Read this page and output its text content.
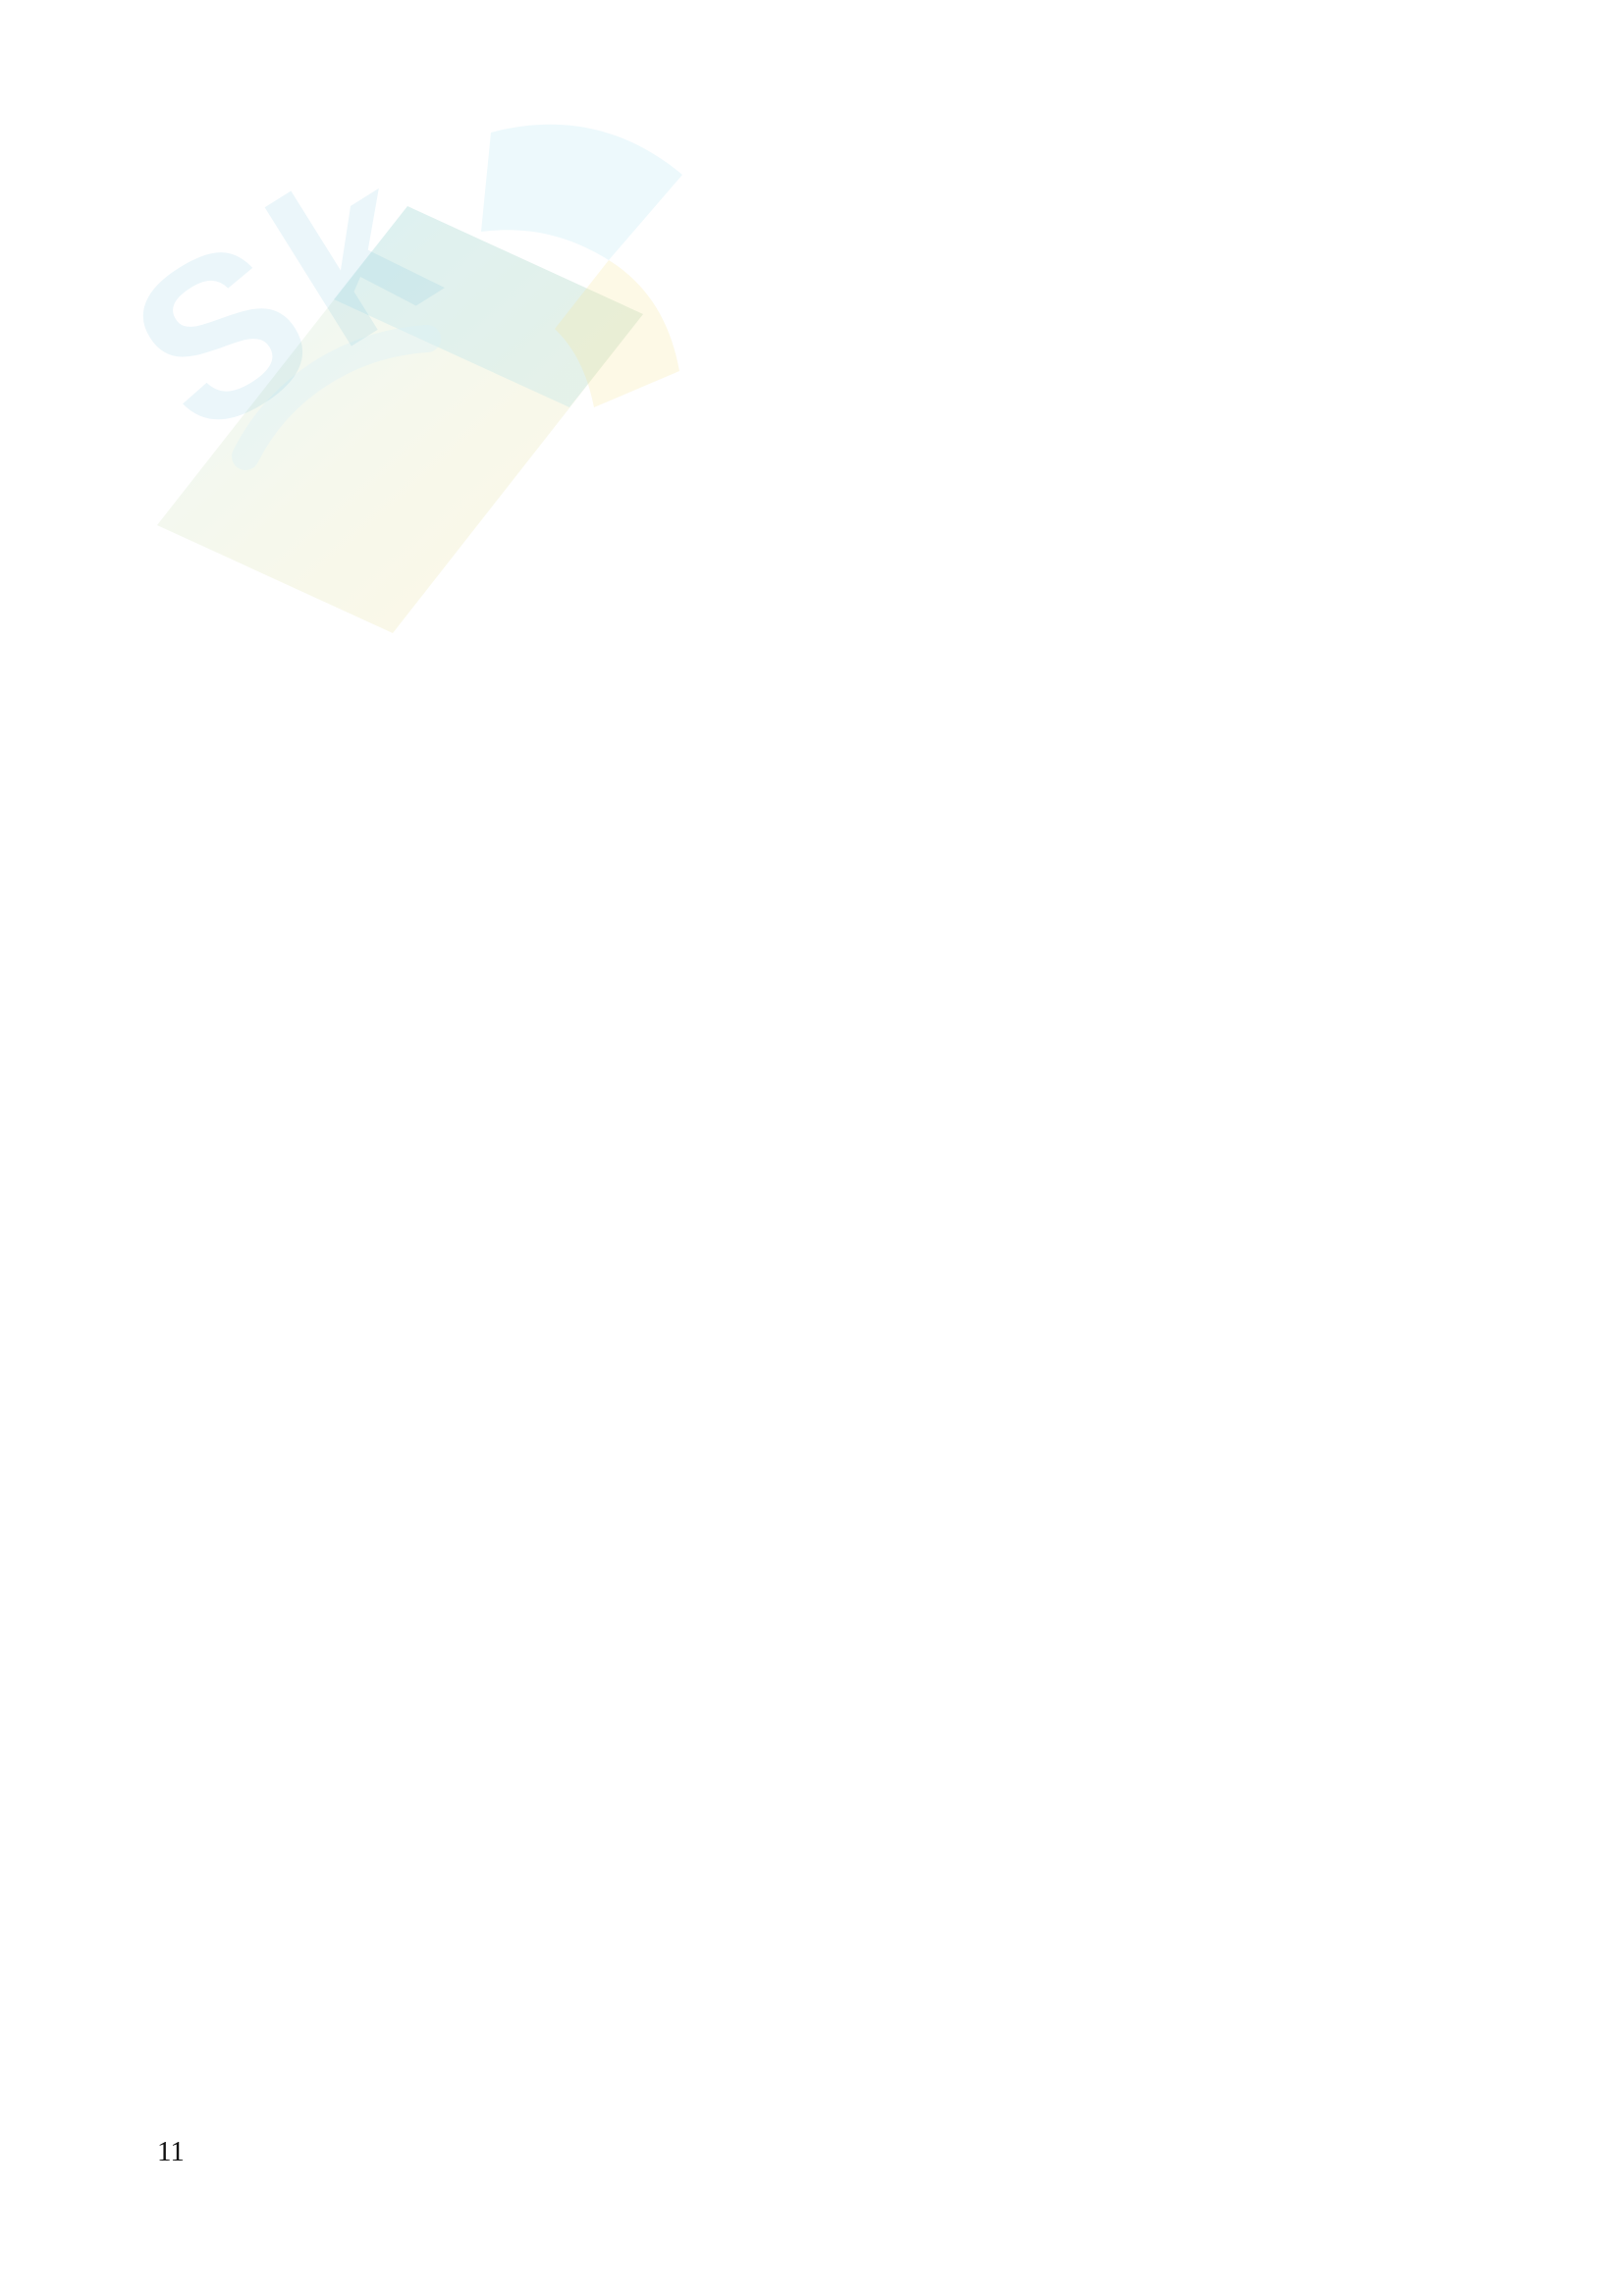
Sk
11
